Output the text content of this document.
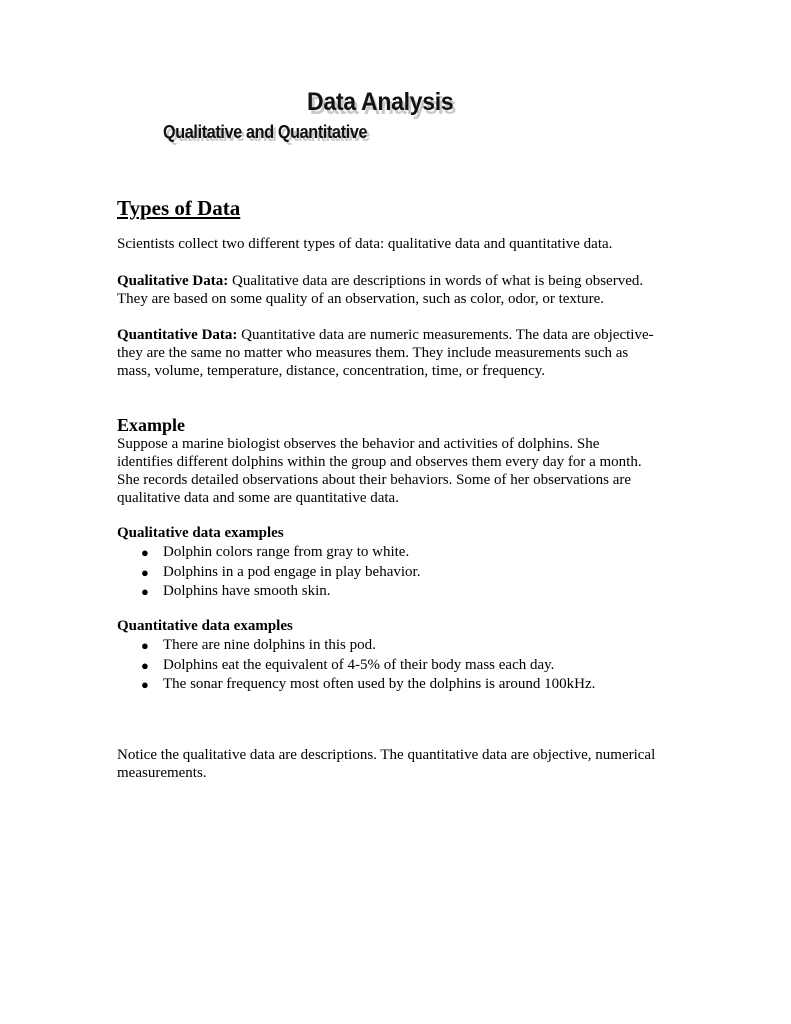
Data Analysis
Qualitative and Quantitative
Types of Data
Scientists collect two different types of data: qualitative data and quantitative data.
Qualitative Data: Qualitative data are descriptions in words of what is being observed.
They are based on some quality of an observation, such as color, odor, or texture.
Quantitative Data: Quantitative data are numeric measurements. The data are objective-
they are the same no matter who measures them. They include measurements such as
mass, volume, temperature, distance, concentration, time, or frequency.
Example
Suppose a marine biologist observes the behavior and activities of dolphins. She
identifies different dolphins within the group and observes them every day for a month.
She records detailed observations about their behaviors. Some of her observations are
qualitative data and some are quantitative data.
Qualitative data examples
● Dolphin colors range from gray to white.
● Dolphins in a pod engage in play behavior.
● Dolphins have smooth skin.
Quantitative data examples
● There are nine dolphins in this pod.
● Dolphins eat the equivalent of 4-5% of their body mass each day.
● The sonar frequency most often used by the dolphins is around 100kHz.
Notice the qualitative data are descriptions. The quantitative data are objective, numerical
measurements.
